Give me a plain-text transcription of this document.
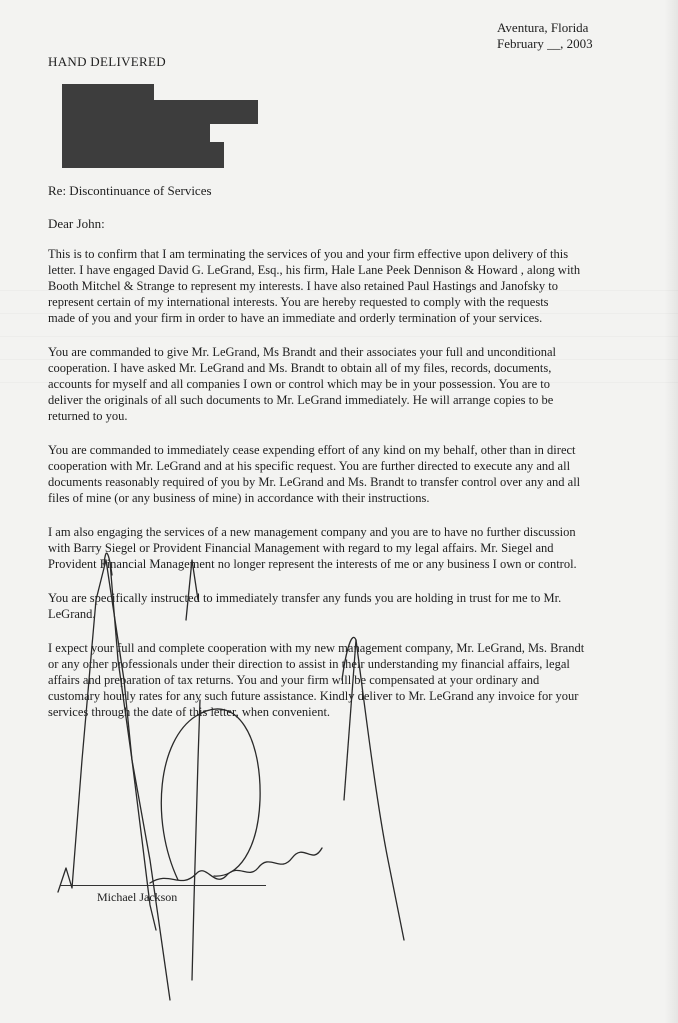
Aventura, Florida
February __, 2003
HAND DELIVERED
Re: Discontinuance of Services
Dear John:
This is to confirm that I am terminating the services of you and your firm effective upon delivery of this
letter. I have engaged David G. LeGrand, Esq., his firm, Hale Lane Peek Dennison & Howard , along with
Booth Mitchel & Strange to represent my interests. I have also retained Paul Hastings and Janofsky to
represent certain of my international interests. You are hereby requested to comply with the requests
made of you and your firm in order to have an immediate and orderly termination of your services.
You are commanded to give Mr. LeGrand, Ms Brandt and their associates your full and unconditional
cooperation. I have asked Mr. LeGrand and Ms. Brandt to obtain all of my files, records, documents,
accounts for myself and all companies I own or control which may be in your possession. You are to
deliver the originals of all such documents to Mr. LeGrand immediately. He will arrange copies to be
returned to you.
You are commanded to immediately cease expending effort of any kind on my behalf, other than in direct
cooperation with Mr. LeGrand and at his specific request. You are further directed to execute any and all
documents reasonably required of you by Mr. LeGrand and Ms. Brandt to transfer control over any and all
files of mine (or any business of mine) in accordance with their instructions.
I am also engaging the services of a new management company and you are to have no further discussion
with Barry Siegel or Provident Financial Management with regard to my legal affairs. Mr. Siegel and
Provident Financial Management no longer represent the interests of me or any business I own or control.
You are specifically instructed to immediately transfer any funds you are holding in trust for me to Mr.
LeGrand.
I expect your full and complete cooperation with my new management company, Mr. LeGrand, Ms. Brandt
or any other professionals under their direction to assist in their understanding my financial affairs, legal
affairs and preparation of tax returns. You and your firm will be compensated at your ordinary and
customary hourly rates for any such future assistance. Kindly deliver to Mr. LeGrand any invoice for your
services through the date of this letter, when convenient.
Michael Jackson
